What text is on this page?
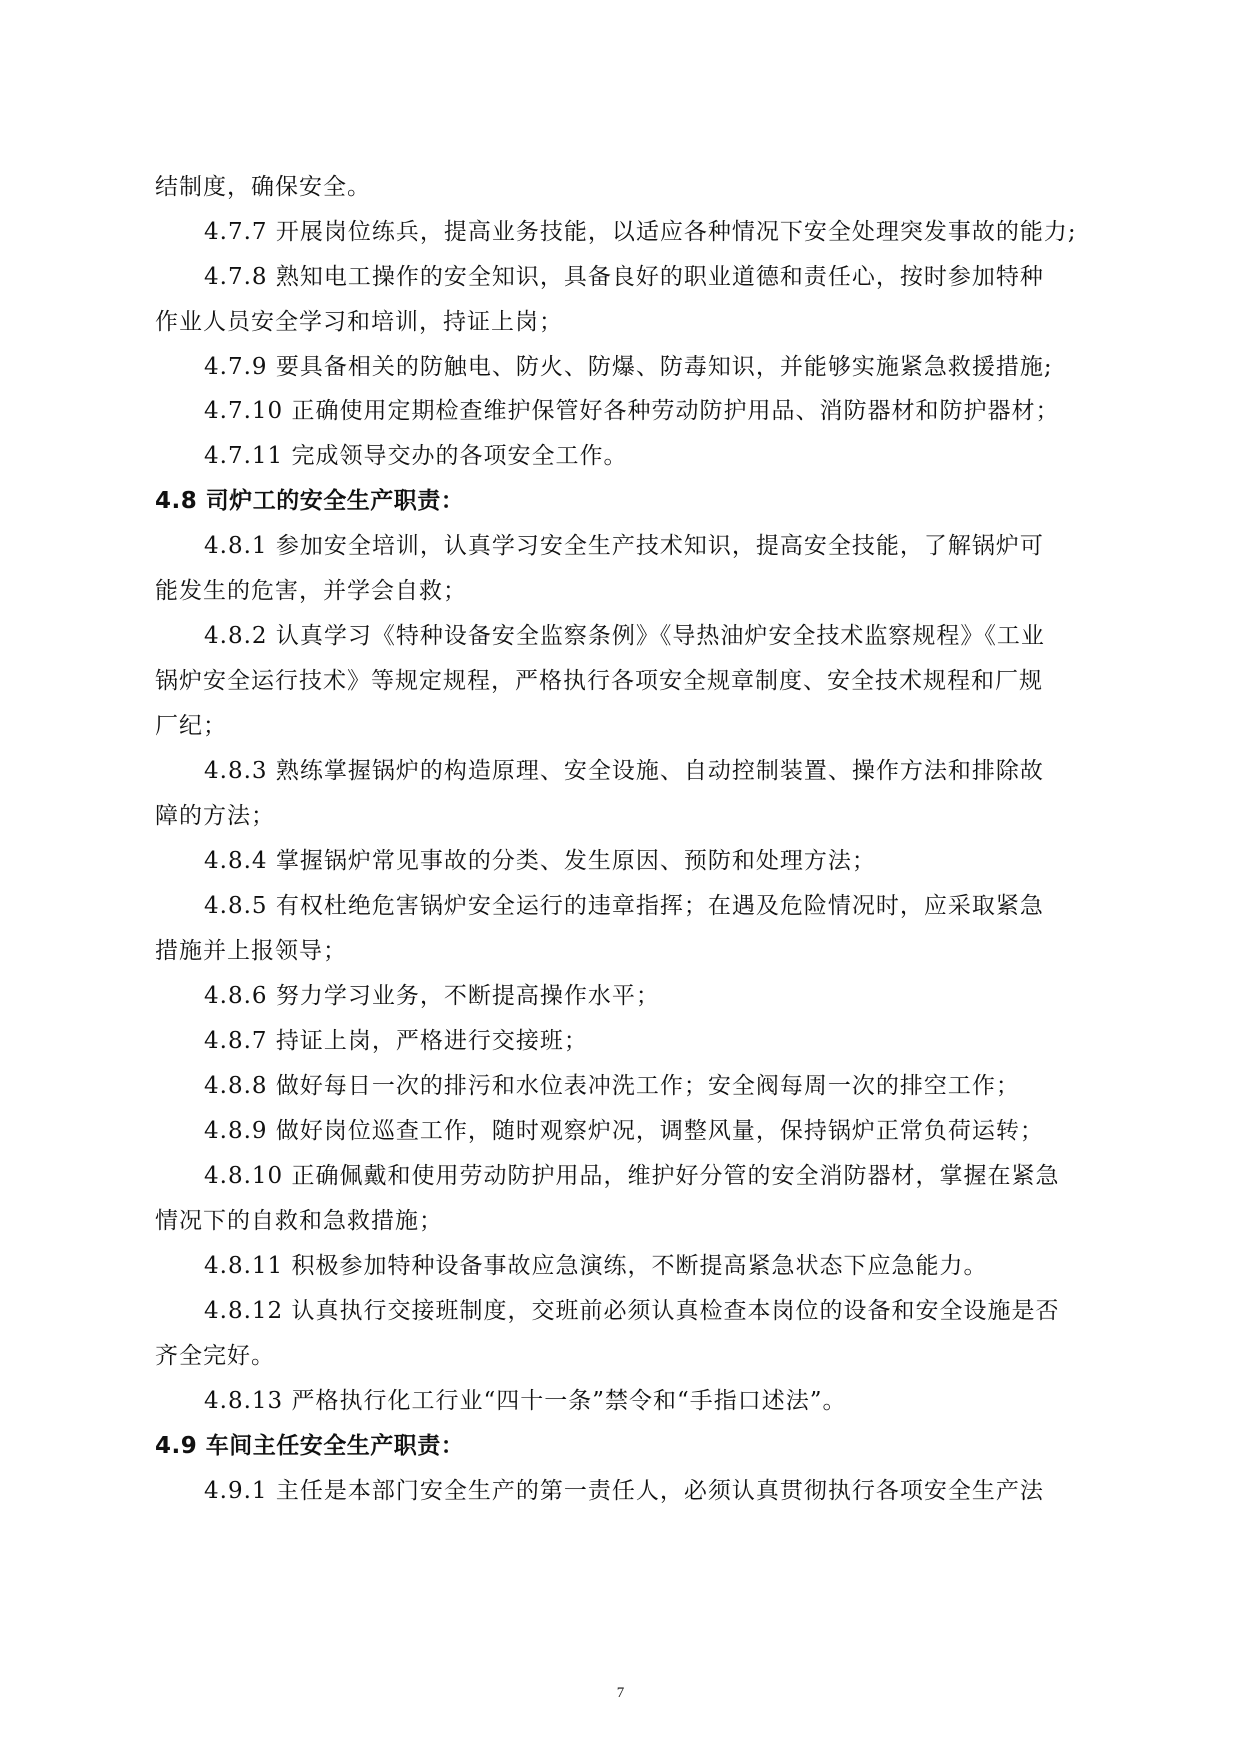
结制度，确保安全。
4.7.7 开展岗位练兵，提高业务技能，以适应各种情况下安全处理突发事故的能力;
4.7.8 熟知电工操作的安全知识，具备良好的职业道德和责任心，按时参加特种
作业人员安全学习和培训，持证上岗；
4.7.9 要具备相关的防触电、防火、防爆、防毒知识，并能够实施紧急救援措施;
4.7.10 正确使用定期检查维护保管好各种劳动防护用品、消防器材和防护器材；
4.7.11 完成领导交办的各项安全工作。
4.8 司炉工的安全生产职责：
4.8.1 参加安全培训，认真学习安全生产技术知识，提高安全技能，了解锅炉可
能发生的危害，并学会自救；
4.8.2 认真学习《特种设备安全监察条例》《导热油炉安全技术监察规程》《工业
锅炉安全运行技术》等规定规程，严格执行各项安全规章制度、安全技术规程和厂规
厂纪；
4.8.3 熟练掌握锅炉的构造原理、安全设施、自动控制装置、操作方法和排除故
障的方法；
4.8.4 掌握锅炉常见事故的分类、发生原因、预防和处理方法；
4.8.5 有权杜绝危害锅炉安全运行的违章指挥；在遇及危险情况时，应采取紧急
措施并上报领导；
4.8.6 努力学习业务，不断提高操作水平；
4.8.7 持证上岗，严格进行交接班；
4.8.8 做好每日一次的排污和水位表冲洗工作；安全阀每周一次的排空工作；
4.8.9 做好岗位巡查工作，随时观察炉况，调整风量，保持锅炉正常负荷运转；
4.8.10 正确佩戴和使用劳动防护用品，维护好分管的安全消防器材，掌握在紧急
情况下的自救和急救措施；
4.8.11 积极参加特种设备事故应急演练，不断提高紧急状态下应急能力。
4.8.12 认真执行交接班制度，交班前必须认真检查本岗位的设备和安全设施是否
齐全完好。
4.8.13 严格执行化工行业“四十一条”禁令和“手指口述法”。
4.9 车间主任安全生产职责：
4.9.1 主任是本部门安全生产的第一责任人，必须认真贯彻执行各项安全生产法
7
